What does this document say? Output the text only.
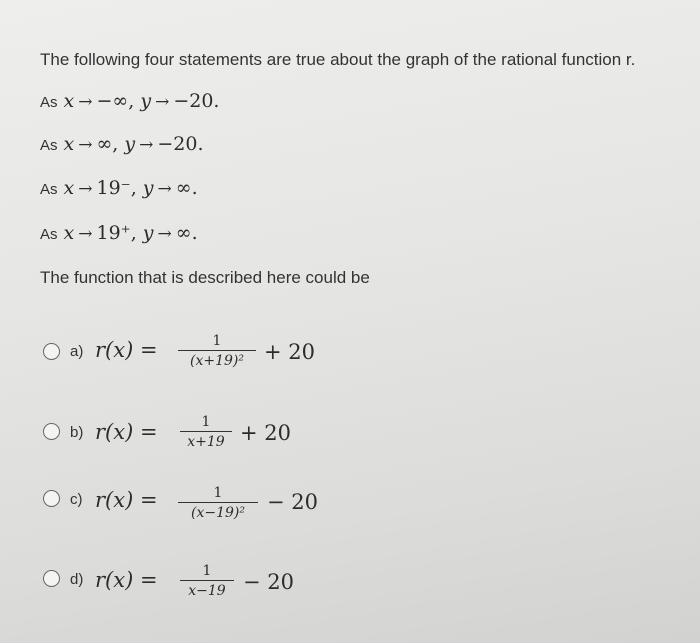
The following four statements are true about the graph of the rational function r.
As x → −∞, y → −20.
As x → ∞, y → −20.
As x → 19⁻, y → ∞.
As x → 19⁺, y → ∞.
The function that is described here could be
a) r(x) =	1
(x+19)² + 20
b) r(x) =	1
x+19 + 20
c) r(x) =	1
(x−19)²	− 20
d) r(x) =	1
x−19 − 20
